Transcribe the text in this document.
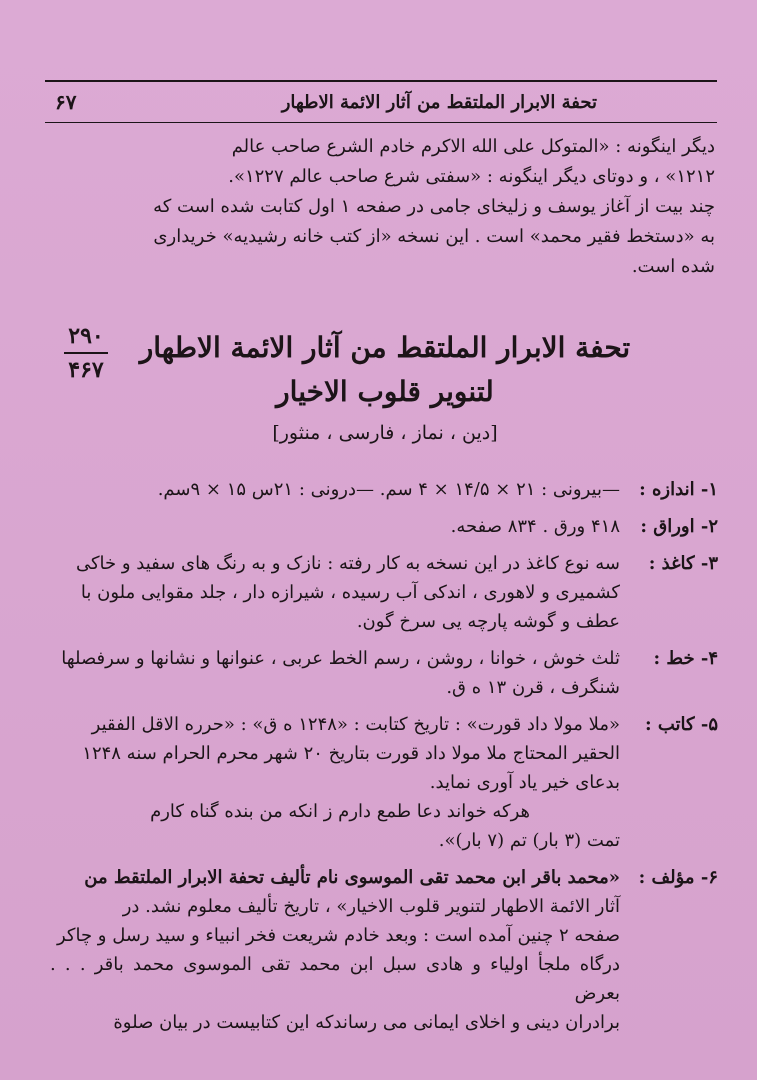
تحفة الابرار الملتقط من آثار الائمة الاطهار
۶۷
دیگر اینگونه : «المتوکل علی الله الاکرم خادم الشرع صاحب عالم
۱۲۱۲» ، و دوتای دیگر اینگونه : «سفتی شرع صاحب عالم ۱۲۲۷».
چند بیت از آغاز یوسف و زلیخای جامی در صفحه ۱ اول کتابت شده است که
به «دستخط فقیر محمد» است . این نسخه «از کتب خانه رشیدیه» خریداری
شده است.
۲۹۰
۴۶۷
تحفة الابرار الملتقط من آثار الائمة الاطهار
لتنویر قلوب الاخیار
[دین ، نماز ، فارسی ، منثور]
۱- اندازه :
—بیرونی : ۲۱ × ۱۴/۵ × ۴ سم. —درونی : ۲۱س ۱۵ × ۹سم.
۲- اوراق :
۴۱۸ ورق . ۸۳۴ صفحه.
۳- کاغذ :
سه نوع کاغذ در این نسخه به کار رفته : نازک و به رنگ های سفید و خاکی
کشمیری و لاهوری ، اندکی آب رسیده ، شیرازه دار ، جلد مقوایی ملون با
عطف و گوشه پارچه یی سرخ گون.
۴- خط :
ثلث خوش ، خوانا ، روشن ، رسم الخط عربی ، عنوانها و نشانها و سرفصلها
شنگرف ، قرن ۱۳ ه ق.
۵- کاتب :
«ملا مولا داد قورت» : تاریخ کتابت : «۱۲۴۸ ه ق» : «حرره الاقل الفقیر
الحقیر المحتاج ملا مولا داد قورت بتاریخ ۲۰ شهر محرم الحرام سنه ۱۲۴۸
بدعای خیر یاد آوری نماید.
هرکه خواند دعا طمع دارم ز انکه من بنده گناه کارم
تمت (۳ بار) تم (۷ بار)».
۶- مؤلف :
«محمد باقر ابن محمد تقی الموسوی نام تألیف تحفة الابرار الملتقط من
آثار الائمة الاطهار لتنویر قلوب الاخیار» ، تاریخ تألیف معلوم نشد. در
صفحه ۲ چنین آمده است : وبعد خادم شریعت فخر انبیاء و سید رسل و چاکر
درگاه ملجأ اولیاء و هادی سبل ابن محمد تقی الموسوی محمد باقر . . . بعرض
برادران دینی و اخلای ایمانی می رساندکه این کتابیست در بیان صلوة
